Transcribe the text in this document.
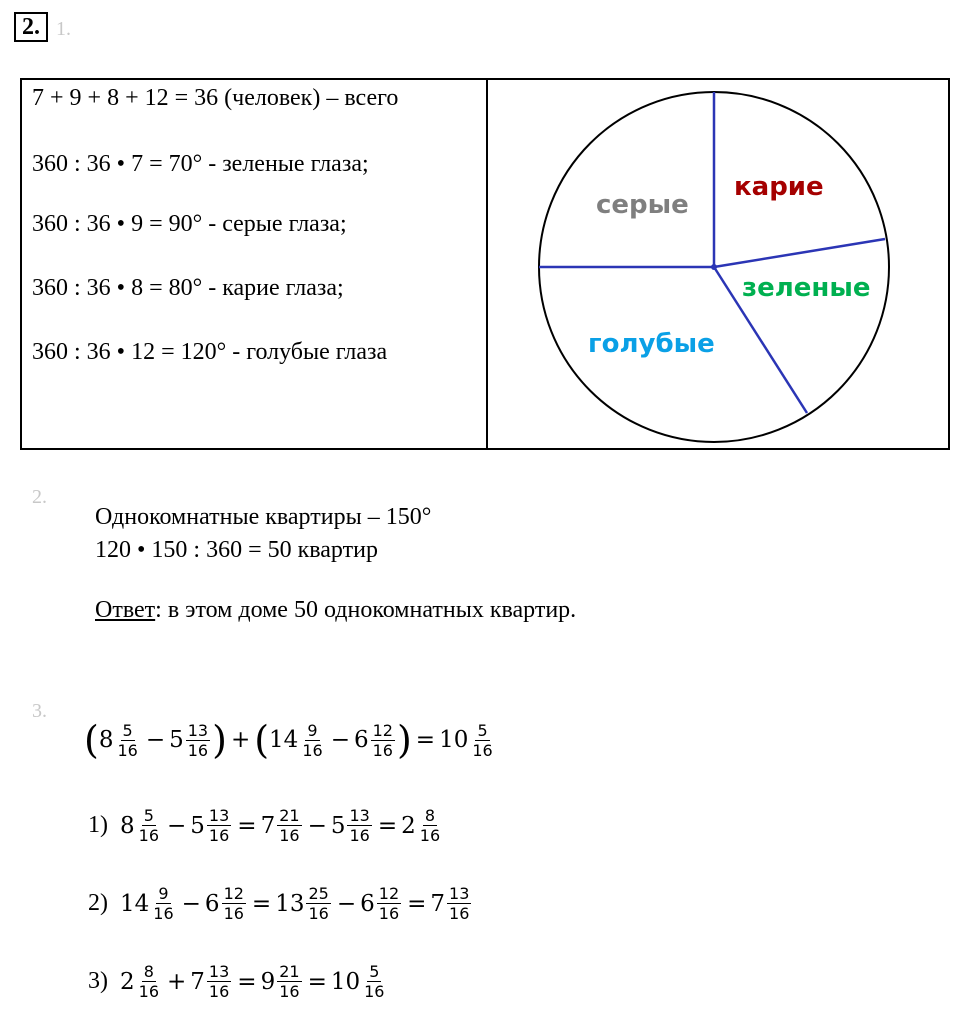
2. 1.
7 + 9 + 8 + 12 = 36 (человек) – всего
360 : 36 • 7 = 70° - зеленые глаза;
360 : 36 • 9 = 90° - серые глаза;
360 : 36 • 8 = 80° - карие глаза;
360 : 36 • 12 = 120° - голубые глаза
серые
карие
зеленые
голубые
2.
Однокомнатные квартиры – 150°
120 • 150 : 360 = 50 квартир
Ответ: в этом доме 50 однокомнатных квартир.
3.
( $8 \frac{5}{16} - 5 \frac{13}{16}$ ) + ( $14 \frac{9}{16} - 6 \frac{12}{16}$ ) = $10 \frac{5}{16}$
1) $8 \frac{5}{16} - 5 \frac{13}{16} = 7 \frac{21}{16} - 5 \frac{13}{16} = 2 \frac{8}{16}$
2) $14 \frac{9}{16} - 6 \frac{12}{16} = 13 \frac{25}{16} - 6 \frac{12}{16} = 7 \frac{13}{16}$
3) $2 \frac{8}{16} + 7 \frac{13}{16} = 9 \frac{21}{16} = 10 \frac{5}{16}$
